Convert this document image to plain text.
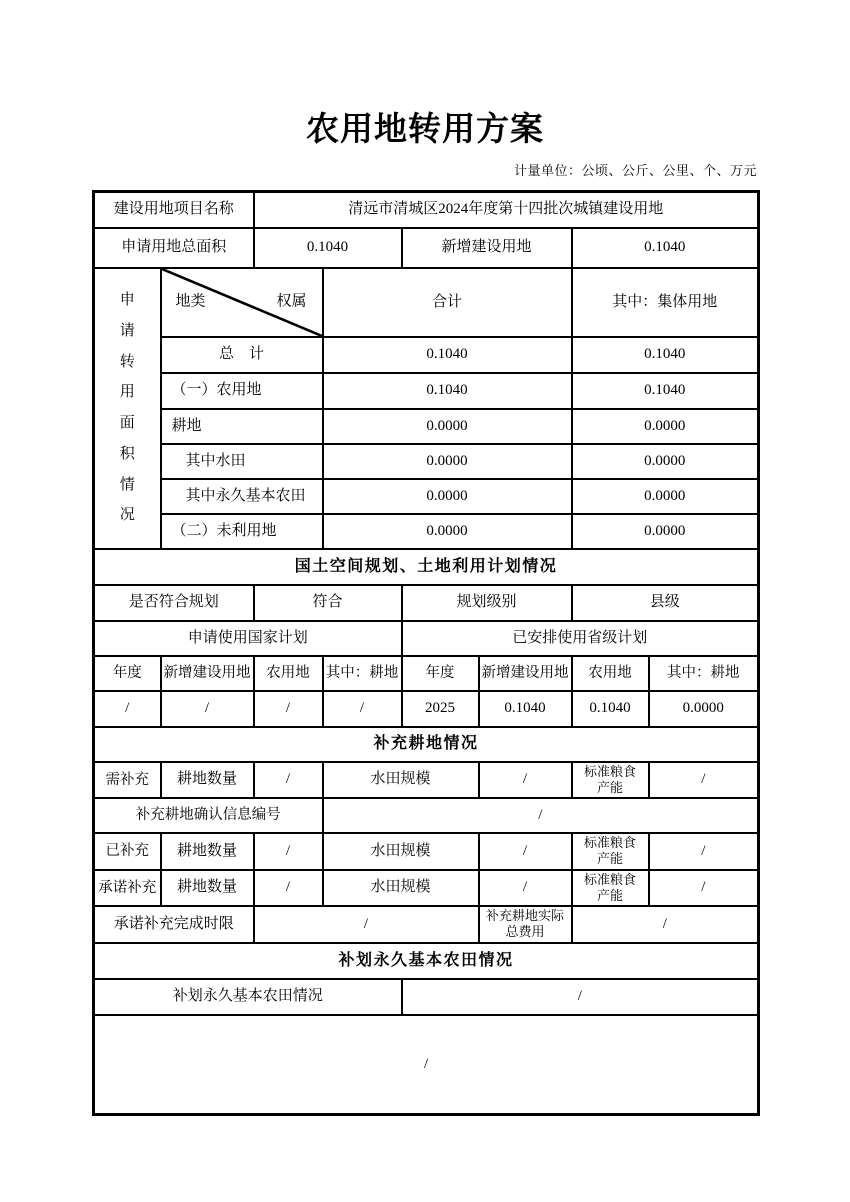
农用地转用方案
计量单位：公顷、公斤、公里、个、万元
建设用地项目名称		清远市清城区2024年度第十四批次城镇建设用地					
申请用地总面积		0.1040		新增建设用地		0.1040	

申请转用面积情况	地类 权属		合计			其中：集体用地	
	总　计		0.1040			0.1040	
	（一）农用地		0.1040			0.1040	
	耕地		0.0000			0.0000	
	其中水田		0.0000			0.0000	
	其中永久基本农田		0.0000			0.0000	
	（二）未利用地		0.0000			0.0000	
国土空间规划、土地利用计划情况							
是否符合规划		符合		规划级别		县级	
申请使用国家计划				已安排使用省级计划			
年度	新增建设用地	农用地	其中：耕地	年度	新增建设用地	农用地	其中：耕地
/	/	/	/	2025	0.1040	0.1040	0.0000
补充耕地情况							
需补充	耕地数量	/	水田规模		/	标准粮食产能	/
补充耕地确认信息编号			/				
已补充	耕地数量	/	水田规模		/	标准粮食产能	/
承诺补充	耕地数量	/	水田规模		/	标准粮食产能	/
承诺补充完成时限		/			补充耕地实际总费用	/	
补划永久基本农田情况							
补划永久基本农田情况				/			
/							
